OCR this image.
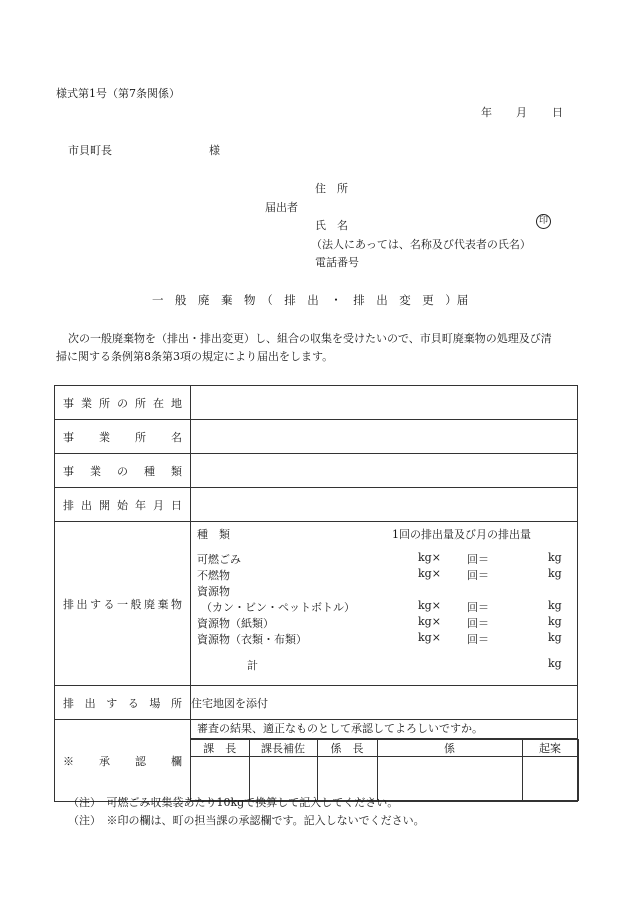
様式第1号（第7条関係）
年 月 日
市貝町長	様
住　所
届出者
氏　名	印
（法人にあっては、名称及び代表者の氏名）
電話番号
一　般　廃　棄　物　（　排　出　・　排　出　変　更　）届
次の一般廃棄物を（排出・排出変更）し、組合の収集を受けたいので、市貝町廃棄物の処理及び清
掃に関する条例第8条第3項の規定により届出をします。
事業所の所在地

事業所名

事業の種類

排出開始年月日

排出する一般廃棄物

種　類	1回の排出量及び月の排出量
可燃ごみ	kg× 回＝	kg
不燃物	kg× 回＝	kg
資源物
（カン・ビン・ペットボトル）	kg× 回＝	kg
資源物（紙類）	kg× 回＝	kg
資源物（衣類・布類）	kg× 回＝	kg
計	kg

排出する場所	住宅地図を添付

※　承　認　欄

審査の結果、適正なものとして承認してよろしいですか。
課　長	課長補佐	係　長	係	起案

（注）　可燃ごみ収集袋あたり10kgで換算して記入してください。
（注）　※印の欄は、町の担当課の承認欄です。記入しないでください。
